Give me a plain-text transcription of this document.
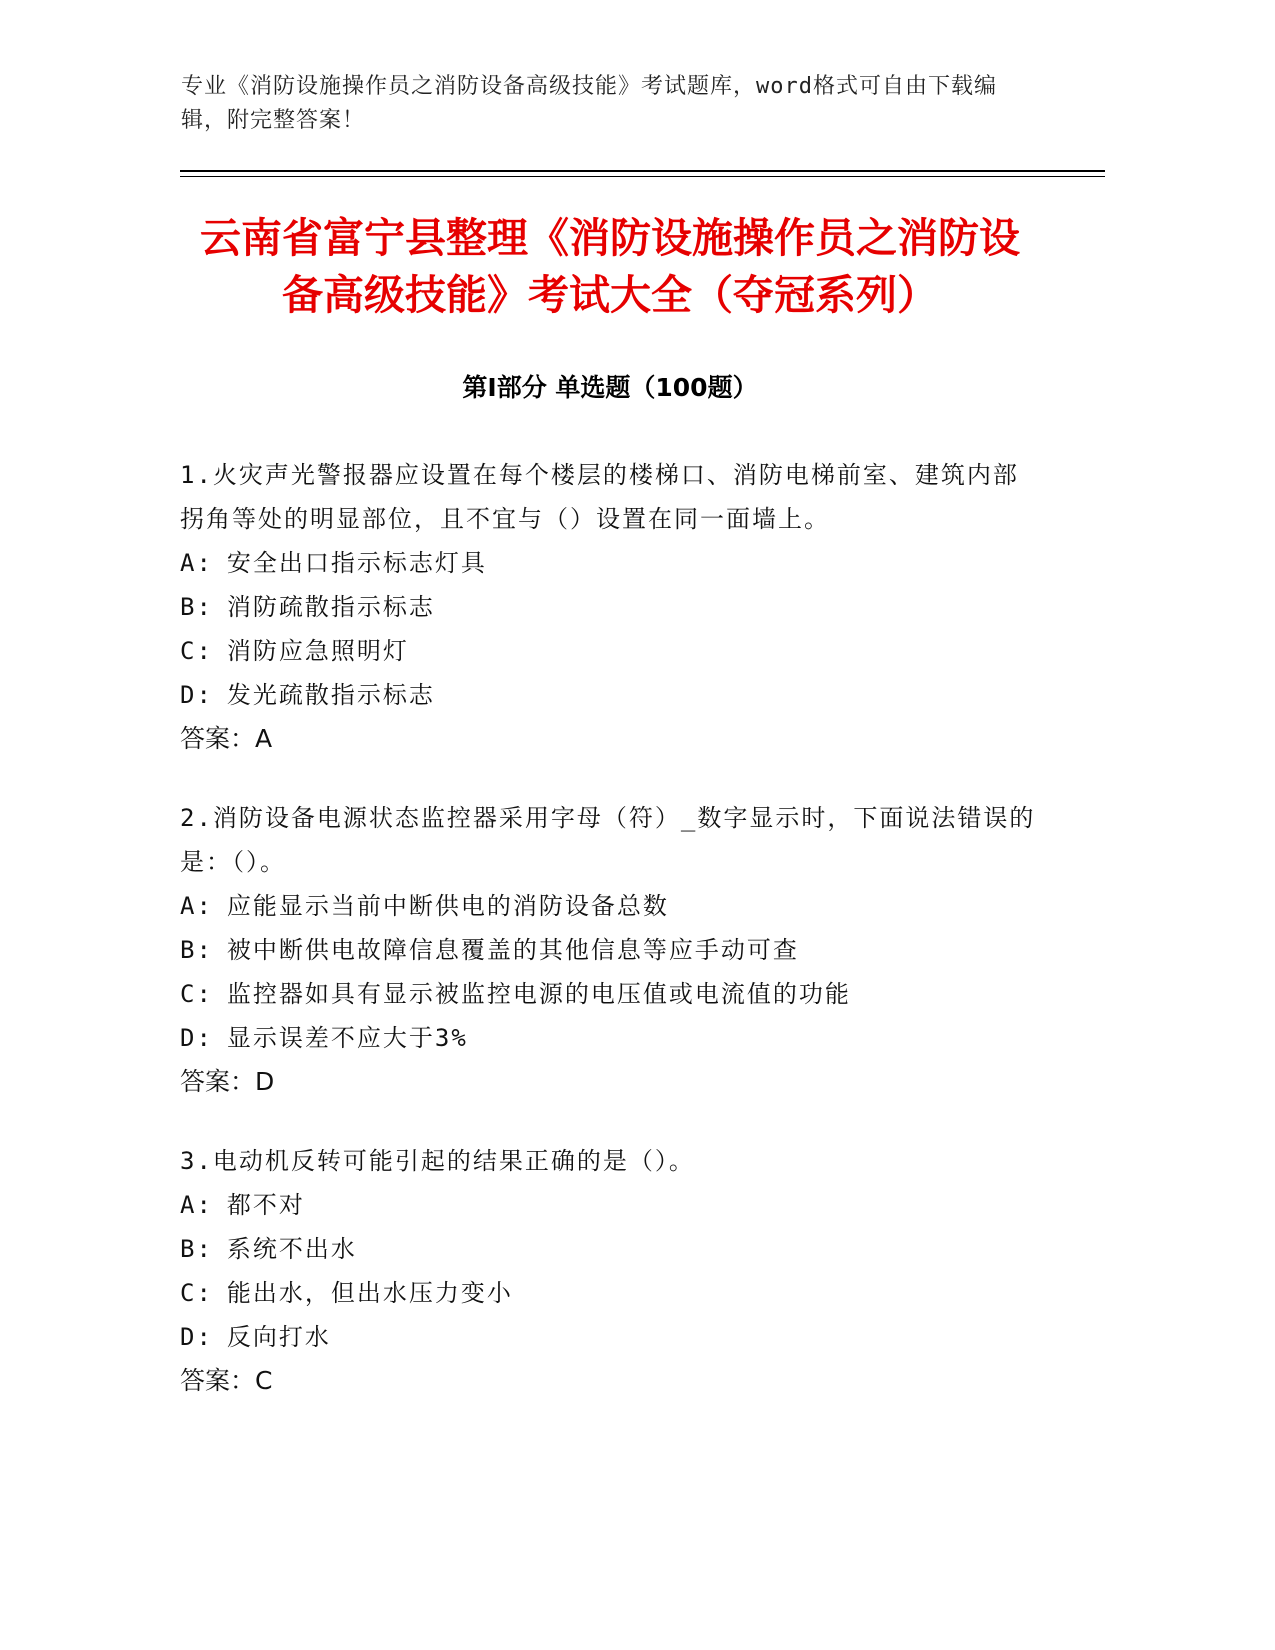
专业《消防设施操作员之消防设备高级技能》考试题库，word格式可自由下载编辑，附完整答案！
云南省富宁县整理《消防设施操作员之消防设备高级技能》考试大全（夺冠系列）
第Ⅰ部分 单选题（100题）
1.火灾声光警报器应设置在每个楼层的楼梯口、消防电梯前室、建筑内部拐角等处的明显部位，且不宜与（）设置在同一面墙上。
A: 安全出口指示标志灯具
B: 消防疏散指示标志
C: 消防应急照明灯
D: 发光疏散指示标志
答案：A
2.消防设备电源状态监控器采用字母（符）_数字显示时，下面说法错误的是：（）。
A: 应能显示当前中断供电的消防设备总数
B: 被中断供电故障信息覆盖的其他信息等应手动可查
C: 监控器如具有显示被监控电源的电压值或电流值的功能
D: 显示误差不应大于3%
答案：D
3.电动机反转可能引起的结果正确的是（）。
A: 都不对
B: 系统不出水
C: 能出水，但出水压力变小
D: 反向打水
答案：C
